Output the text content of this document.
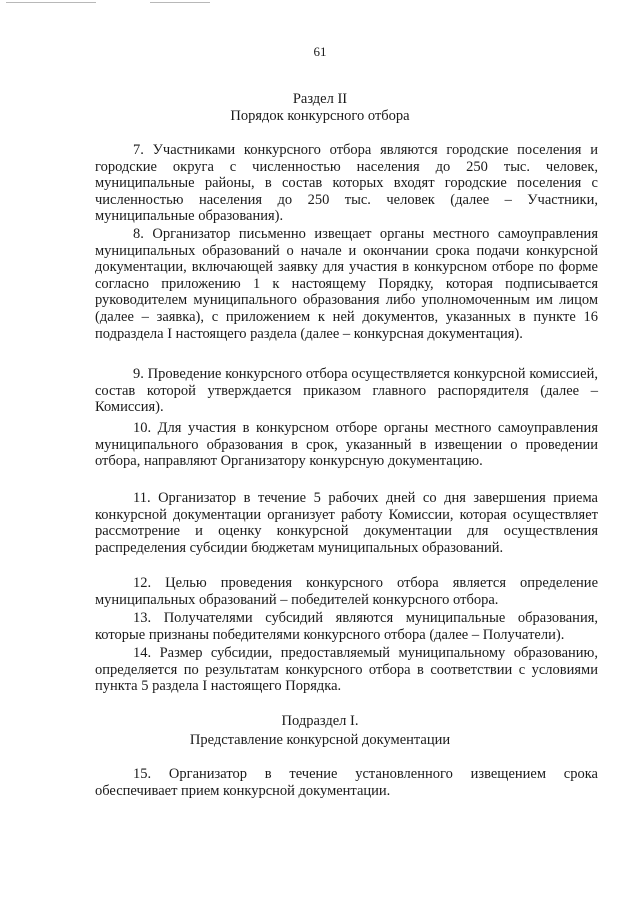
61
Раздел II
Порядок конкурсного отбора

7. Участниками конкурсного отбора являются городские поселения и городские округа с численностью населения до 250 тыс. человек, муниципальные районы, в состав которых входят городские поселения с численностью населения до 250 тыс. человек (далее – Участники, муниципальные образования).

8. Организатор письменно извещает органы местного самоуправления муниципальных образований о начале и окончании срока подачи конкурсной документации, включающей заявку для участия в конкурсном отборе по форме согласно приложению 1 к настоящему Порядку, которая подписывается руководителем муниципального образования либо уполномоченным им лицом (далее – заявка), с приложением к ней документов, указанных в пункте 16 подраздела I настоящего раздела (далее – конкурсная документация).

9. Проведение конкурсного отбора осуществляется конкурсной комиссией, состав которой утверждается приказом главного распорядителя (далее – Комиссия).

10. Для участия в конкурсном отборе органы местного самоуправления муниципального образования в срок, указанный в извещении о проведении отбора, направляют Организатору конкурсную документацию.

11. Организатор в течение 5 рабочих дней со дня завершения приема конкурсной документации организует работу Комиссии, которая осуществляет рассмотрение и оценку конкурсной документации для осуществления распределения субсидии бюджетам муниципальных образований.

12. Целью проведения конкурсного отбора является определение муниципальных образований – победителей конкурсного отбора.

13. Получателями субсидий являются муниципальные образования, которые признаны победителями конкурсного отбора (далее – Получатели).

14. Размер субсидии, предоставляемый муниципальному образованию, определяется по результатам конкурсного отбора в соответствии с условиями пункта 5 раздела I настоящего Порядка.

Подраздел I.
Представление конкурсной документации

15. Организатор в течение установленного извещением срока обеспечивает прием конкурсной документации.
